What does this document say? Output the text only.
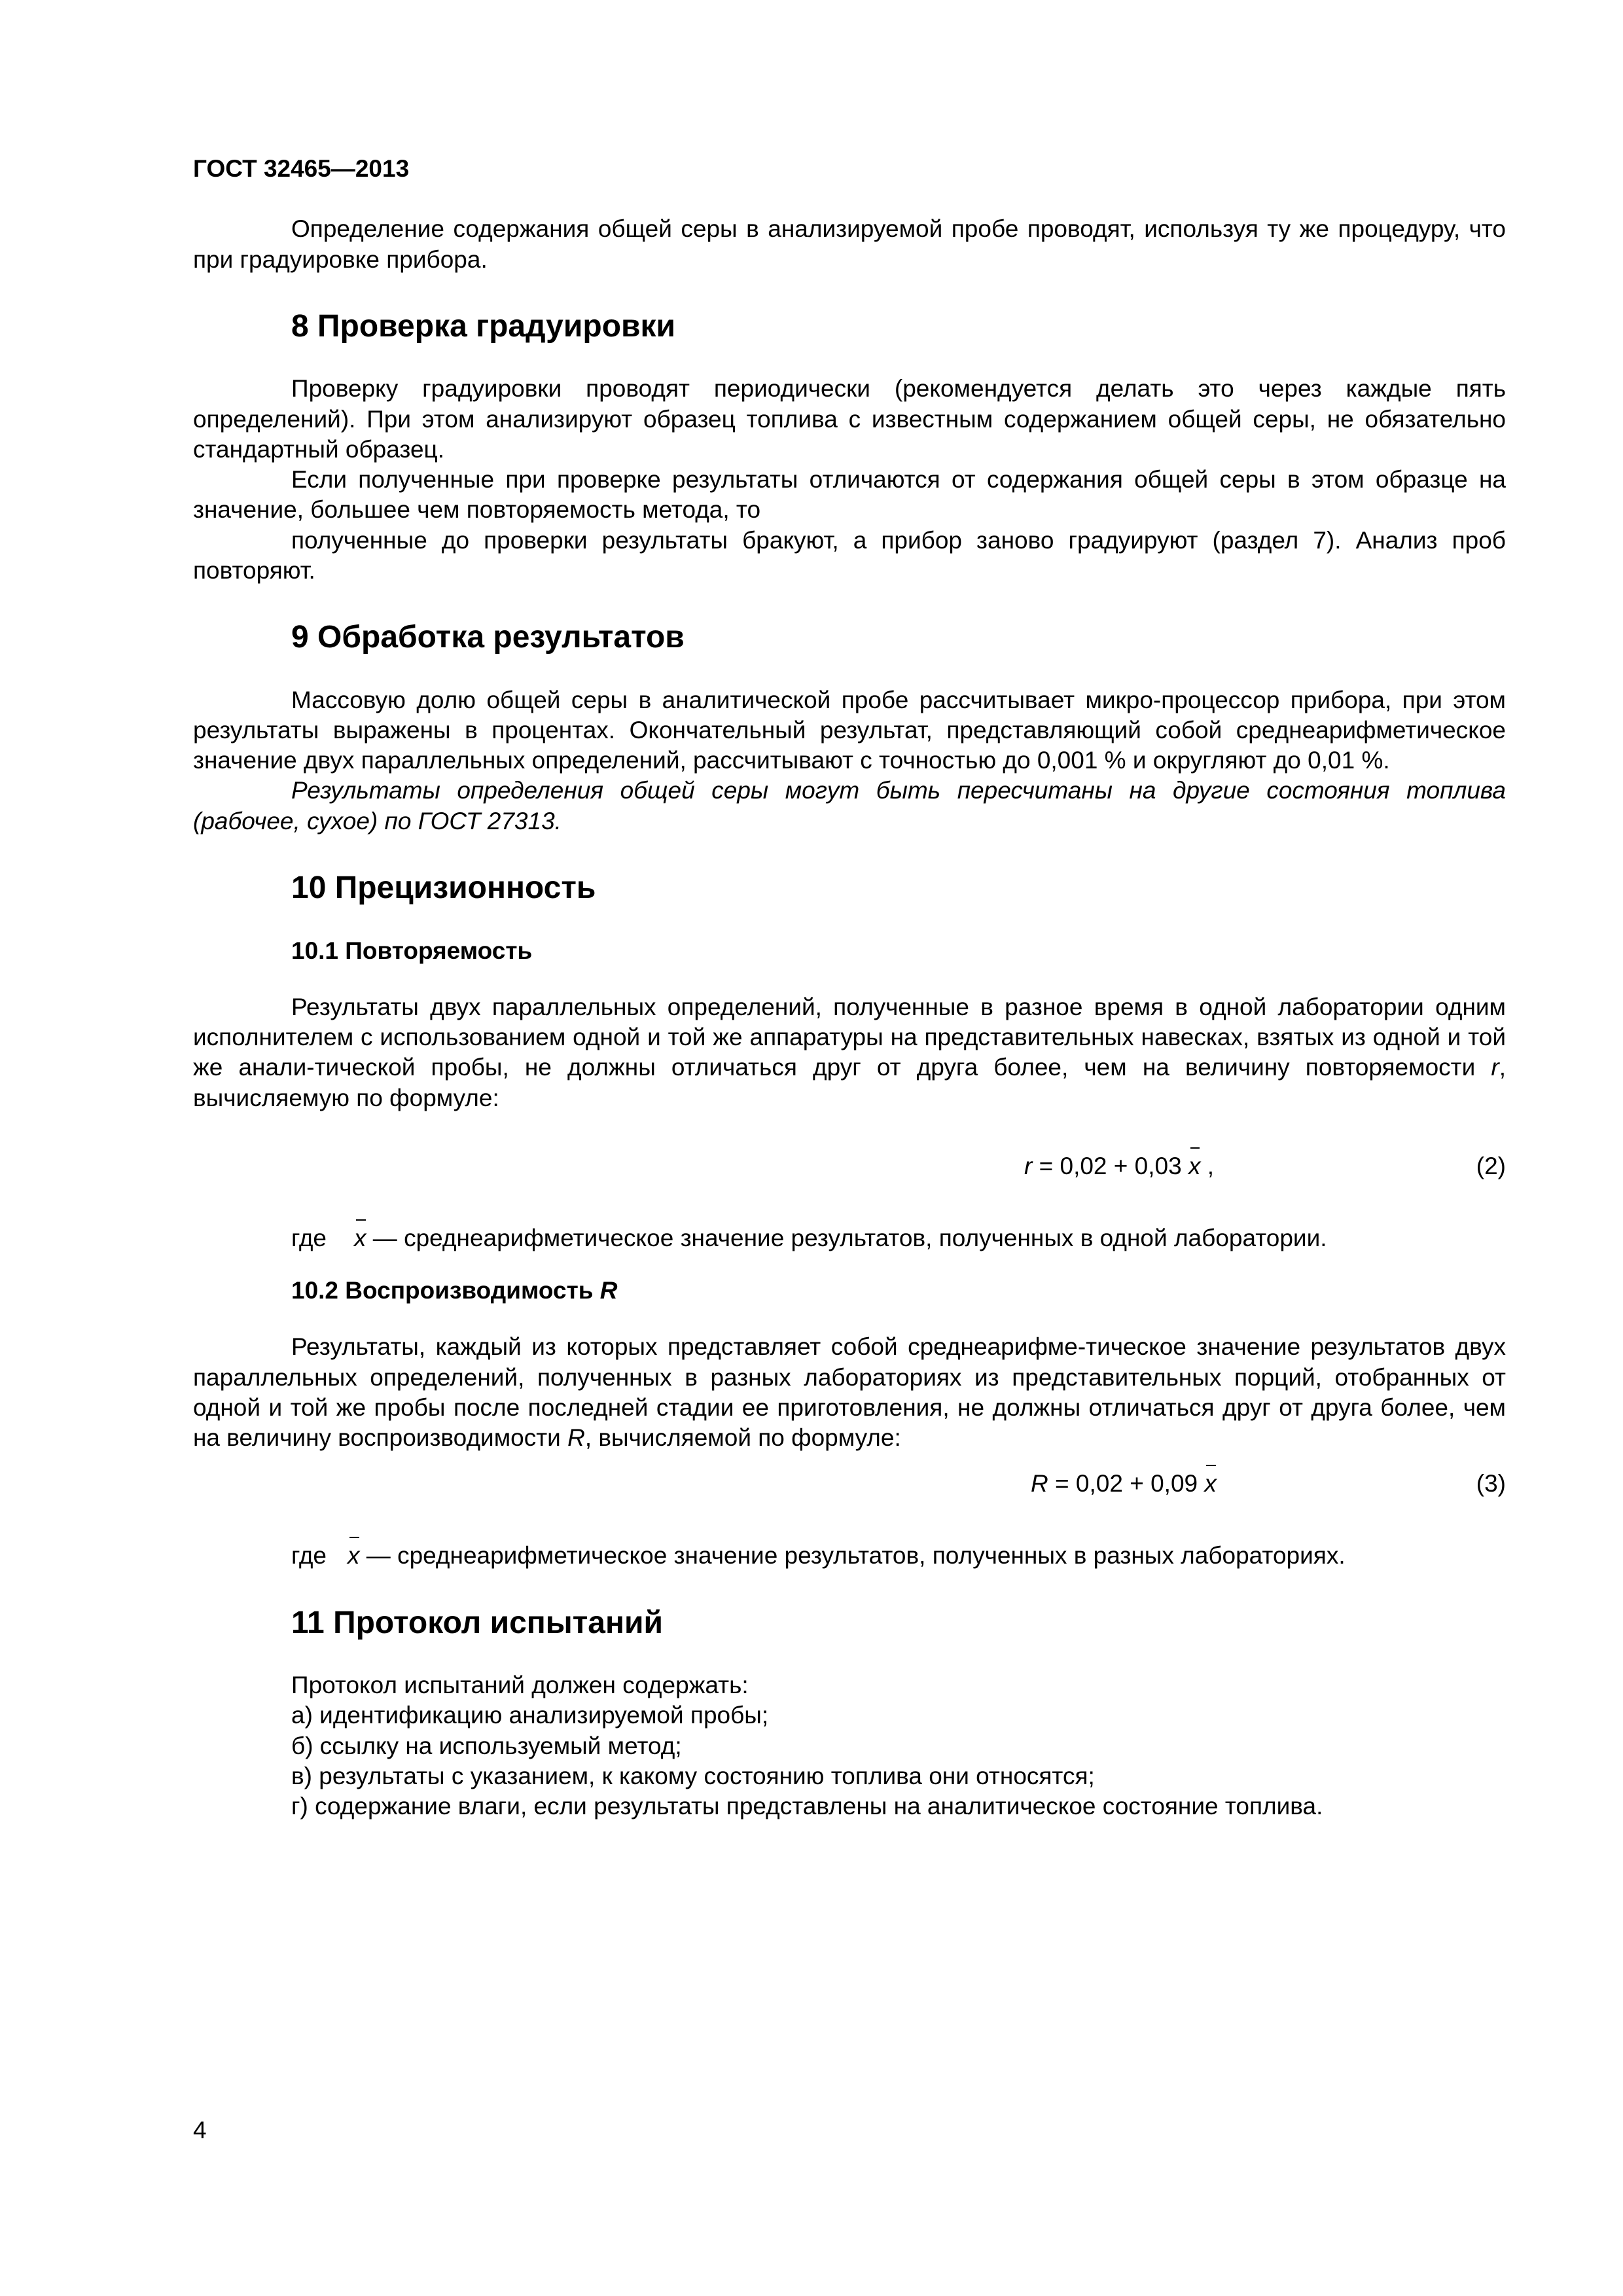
ГОСТ 32465—2013

Определение содержания общей серы в анализируемой пробе проводят, используя ту же процедуру, что при градуировке прибора.

8 Проверка градуировки

Проверку градуировки проводят периодически (рекомендуется делать это через каждые пять определений). При этом анализируют образец топлива с известным содержанием общей серы, не обязательно стандартный образец.

Если полученные при проверке результаты отличаются от содержания общей серы в этом образце на значение, большее чем повторяемость метода, то

полученные до проверки результаты бракуют, а прибор заново градуируют (раздел 7). Анализ проб повторяют.

9 Обработка результатов

Массовую долю общей серы в аналитической пробе рассчитывает микро-процессор прибора, при этом результаты выражены в процентах. Окончательный результат, представляющий собой среднеарифметическое значение двух параллельных определений, рассчитывают с точностью до 0,001 % и округляют до 0,01 %.

Результаты определения общей серы могут быть пересчитаны на другие состояния топлива (рабочее, сухое) по ГОСТ 27313.

10 Прецизионность
10.1 Повторяемость

Результаты двух параллельных определений, полученные в разное время в одной лаборатории одним исполнителем с использованием одной и той же аппаратуры на представительных навесках, взятых из одной и той же анали-тической пробы, не должны отличаться друг от друга более, чем на величину повторяемости r, вычисляемую по формуле:

r = 0,02 + 0,03 x ,	(2)

где x — среднеарифметическое значение результатов, полученных в одной лаборатории.

10.2 Воспроизводимость R

Результаты, каждый из которых представляет собой среднеарифме-тическое значение результатов двух параллельных определений, полученных в разных лабораториях из представительных порций, отобранных от одной и той же пробы после последней стадии ее приготовления, не должны отличаться друг от друга более, чем на величину воспроизводимости R, вычисляемой по формуле:

R = 0,02 + 0,09 x	(3)

где x — среднеарифметическое значение результатов, полученных в разных лабораториях.

11 Протокол испытаний

Протокол испытаний должен содержать:

а) идентификацию анализируемой пробы;

б) ссылку на используемый метод;

в) результаты с указанием, к какому состоянию топлива они относятся;

г) содержание влаги, если результаты представлены на аналитическое состояние топлива.

4
